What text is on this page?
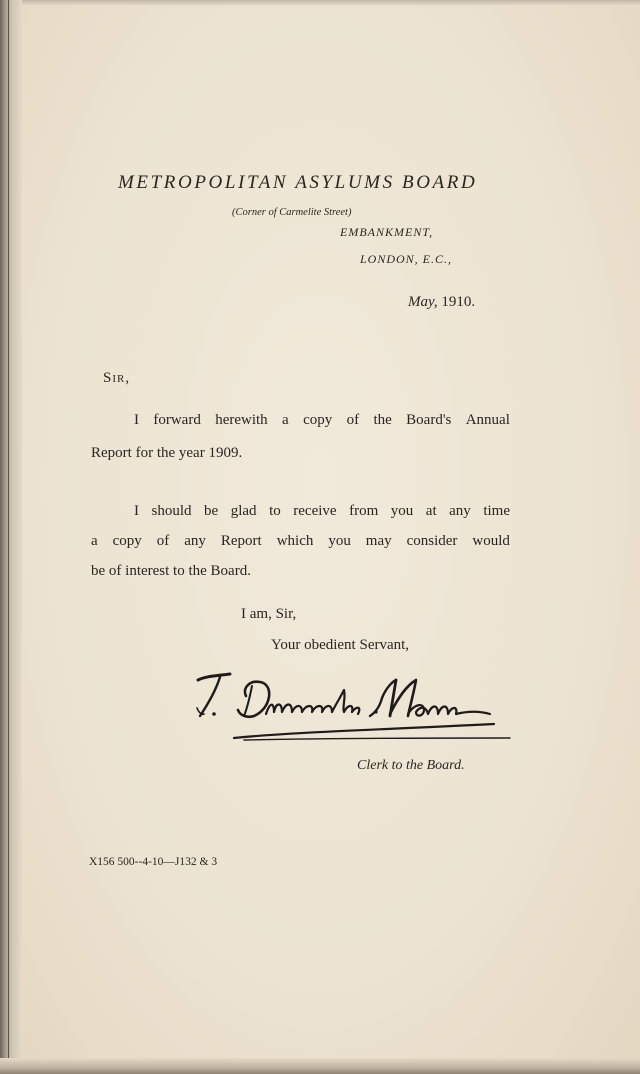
METROPOLITAN ASYLUMS BOARD
(Corner of Carmelite Street)
EMBANKMENT,
LONDON, E.C.,
May, 1910.
Sir,
I forward herewith a copy of the Board's Annual
Report for the year 1909.
I should be glad to receive from you at any time
a copy of any Report which you may consider would
be of interest to the Board.
I am, Sir,
Your obedient Servant,
Clerk to the Board.
X156 500--4-10—J132 & 3
